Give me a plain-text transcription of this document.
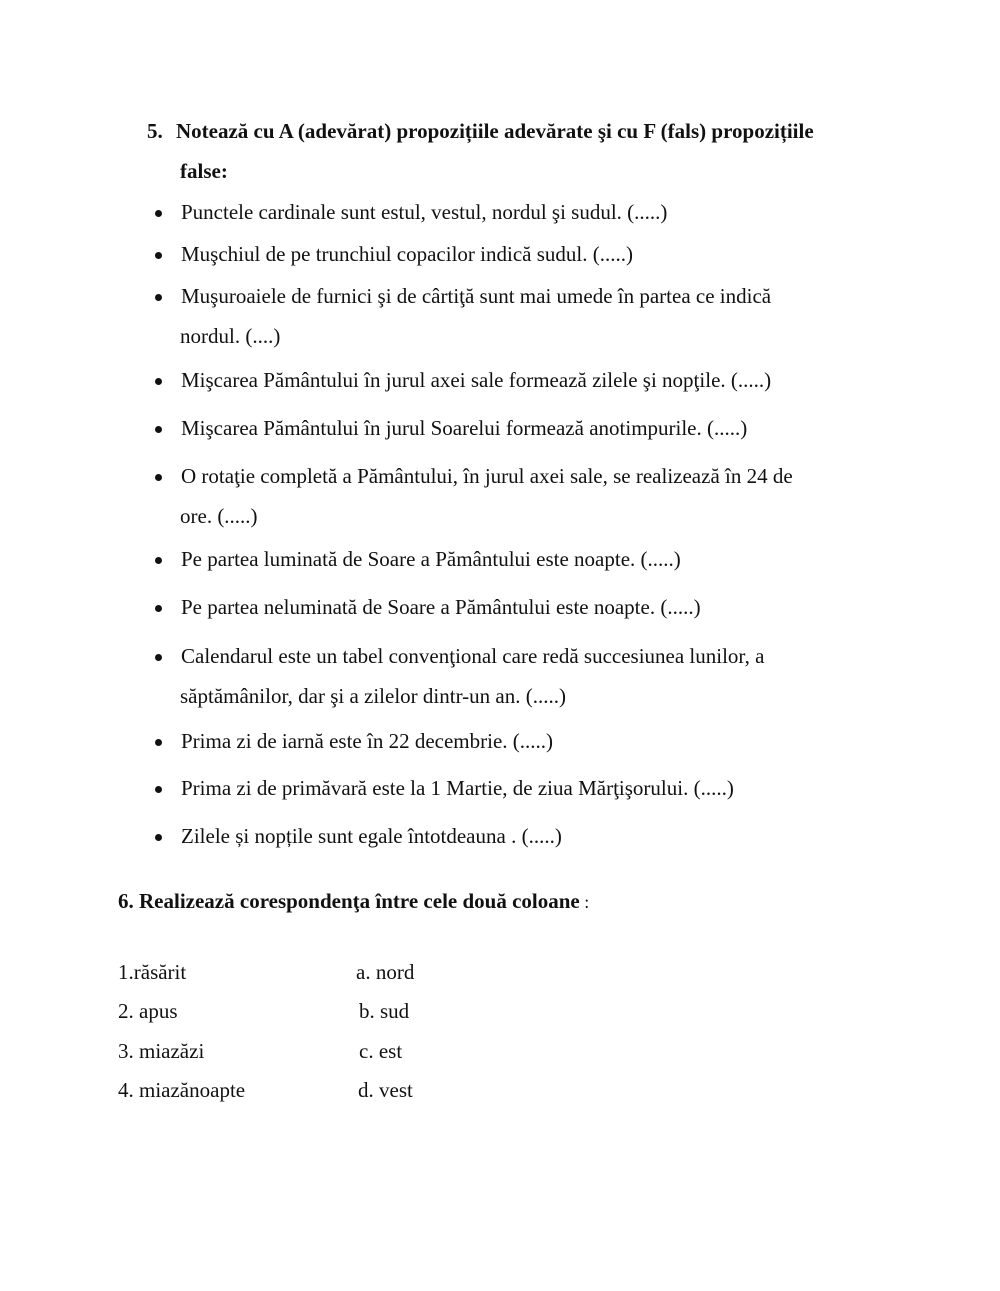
5. Notează cu A (adevărat) propozițiile adevărate şi cu F (fals) propozițiile
false:
Punctele cardinale sunt estul, vestul, nordul şi sudul. (.....)
Muşchiul de pe trunchiul copacilor indică sudul. (.....)
Muşuroaiele de furnici şi de cârtiţă sunt mai umede în partea ce indică
nordul. (....)
Mişcarea Pământului în jurul axei sale formează zilele şi nopţile. (.....)
Mişcarea Pământului în jurul Soarelui formează anotimpurile. (.....)
O rotaţie completă a Pământului, în jurul axei sale, se realizează în 24 de
ore. (.....)
Pe partea luminată de Soare a Pământului este noapte. (.....)
Pe partea neluminată de Soare a Pământului este noapte. (.....)
Calendarul este un tabel convenţional care redă succesiunea lunilor, a
săptămânilor, dar şi a zilelor dintr-un an. (.....)
Prima zi de iarnă este în 22 decembrie. (.....)
Prima zi de primăvară este la 1 Martie, de ziua Mărţişorului. (.....)
Zilele și nopțile sunt egale întotdeauna . (.....)
6. Realizează corespondenţa între cele două coloane :
1.răsărit
2. apus
3. miazăzi
4. miazănoapte
a. nord
b. sud
c. est
d. vest
